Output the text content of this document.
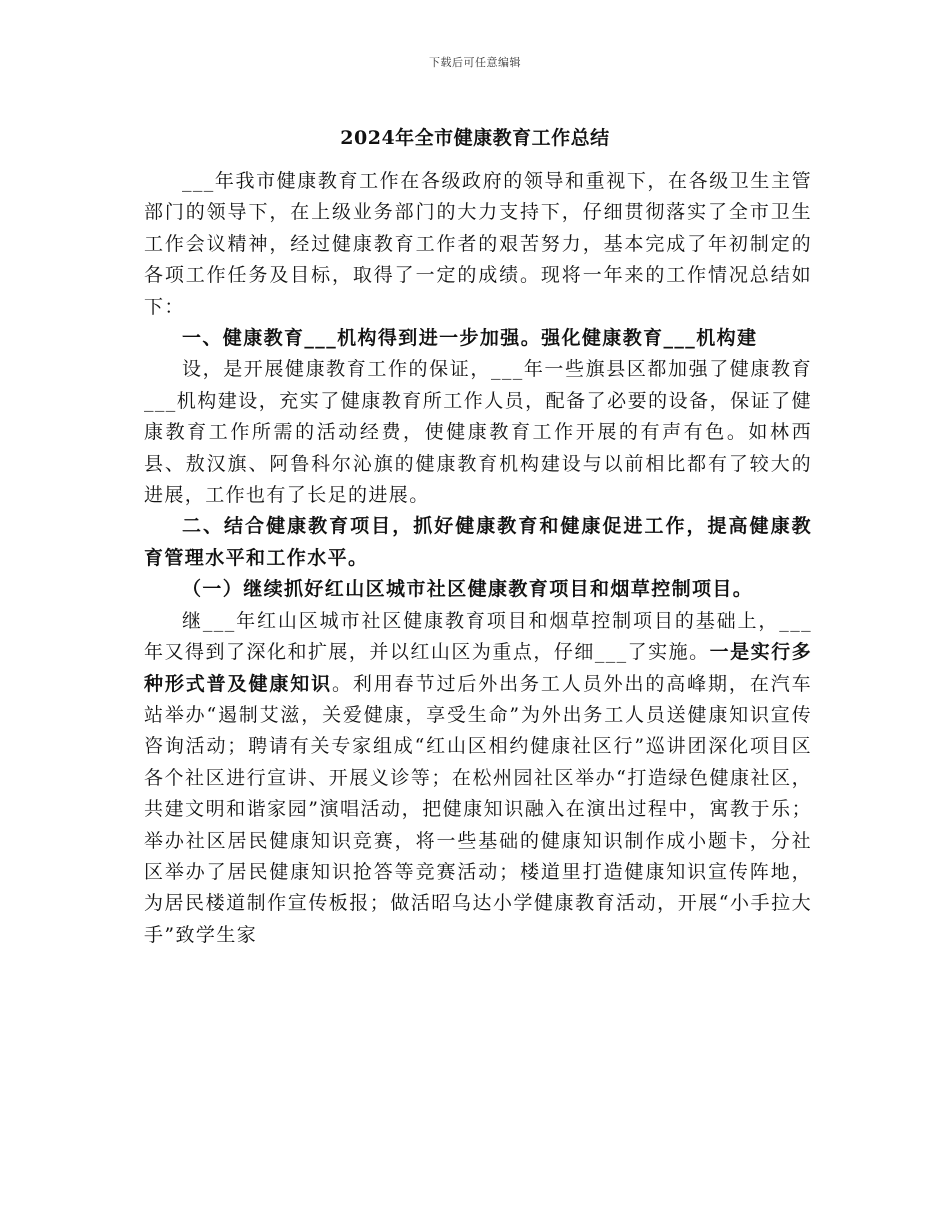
下载后可任意编辑
2024年全市健康教育工作总结

___年我市健康教育工作在各级政府的领导和重视下，在各级卫生主管部门的领导下，在上级业务部门的大力支持下，仔细贯彻落实了全市卫生工作会议精神，经过健康教育工作者的艰苦努力，基本完成了年初制定的各项工作任务及目标，取得了一定的成绩。现将一年来的工作情况总结如下：

一、健康教育___机构得到进一步加强。强化健康教育___机构建

设，是开展健康教育工作的保证，___年一些旗县区都加强了健康教育___机构建设，充实了健康教育所工作人员，配备了必要的设备，保证了健康教育工作所需的活动经费，使健康教育工作开展的有声有色。如林西县、敖汉旗、阿鲁科尔沁旗的健康教育机构建设与以前相比都有了较大的进展，工作也有了长足的进展。

二、结合健康教育项目，抓好健康教育和健康促进工作，提高健康教育管理水平和工作水平。

（一）继续抓好红山区城市社区健康教育项目和烟草控制项目。

继___年红山区城市社区健康教育项目和烟草控制项目的基础上，___年又得到了深化和扩展，并以红山区为重点，仔细___了实施。一是实行多种形式普及健康知识。利用春节过后外出务工人员外出的高峰期，在汽车站举办“遏制艾滋，关爱健康，享受生命”为外出务工人员送健康知识宣传咨询活动；聘请有关专家组成“红山区相约健康社区行”巡讲团深化项目区各个社区进行宣讲、开展义诊等；在松州园社区举办“打造绿色健康社区，共建文明和谐家园”演唱活动，把健康知识融入在演出过程中，寓教于乐；举办社区居民健康知识竞赛，将一些基础的健康知识制作成小题卡，分社区举办了居民健康知识抢答等竞赛活动；楼道里打造健康知识宣传阵地，为居民楼道制作宣传板报；做活昭乌达小学健康教育活动，开展“小手拉大手”致学生家
